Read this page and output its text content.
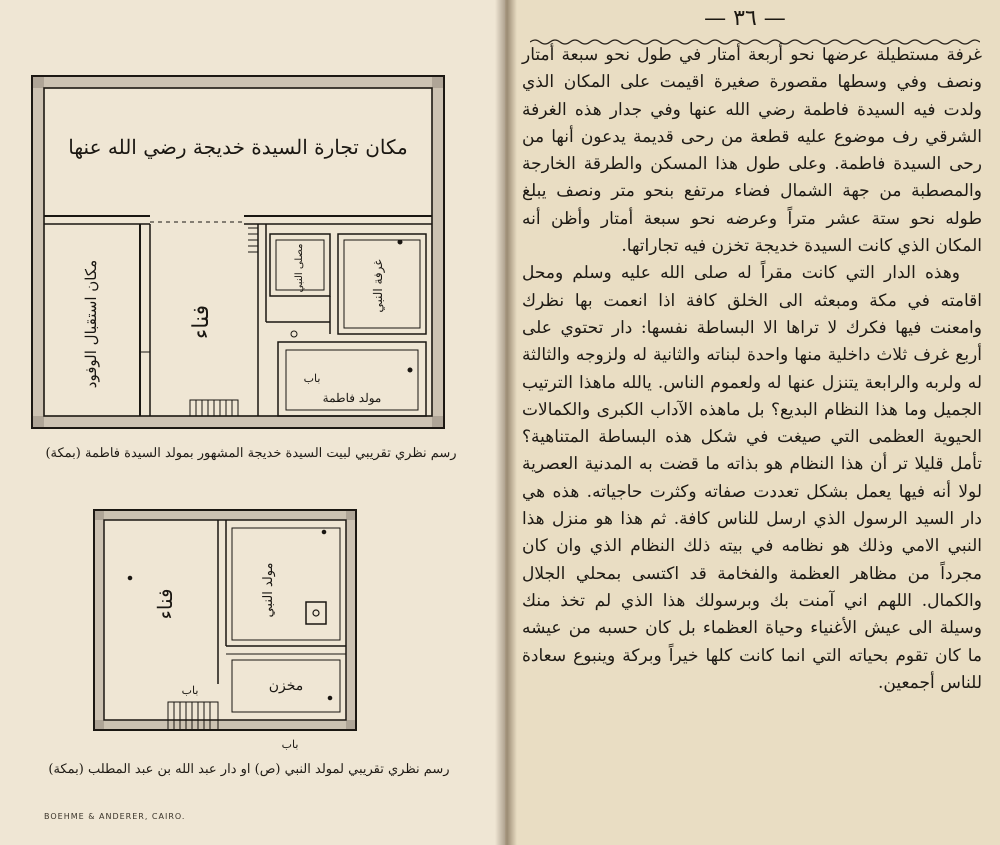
مكان تجارة السيدة خديجة رضي الله عنها
مكان استقبال الوفود	فناء
مصلى النبي	غرفة النبي
باب
مولد فاطمة
رسم نظري تقريبي لبيت السيدة خديجة المشهور بمولد السيدة فاطمة (بمكة)
فناء	مولد النبي
مخزن
باب
باب
رسم نظري تقريبي لمولد النبي (ص) او دار عبد الله بن عبد المطلب (بمكة)
BOEHME & ANDERER, CAIRO.
— ٣٦ —

غرفة مستطيلة عرضها نحو أربعة أمتار في طول نحو سبعة أمتار ونصف وفي وسطها مقصورة صغيرة اقيمت على المكان الذي ولدت فيه السيدة فاطمة رضي الله عنها وفي جدار هذه الغرفة الشرقي رف موضوع عليه قطعة من رحى قديمة يدعون أنها من رحى السيدة فاطمة. وعلى طول هذا المسكن والطرقة الخارجة والمصطبة من جهة الشمال فضاء مرتفع بنحو متر ونصف يبلغ طوله نحو ستة عشر متراً وعرضه نحو سبعة أمتار وأظن أنه المكان الذي كانت السيدة خديجة تخزن فيه تجاراتها.

وهذه الدار التي كانت مقراً له صلى الله عليه وسلم ومحل اقامته في مكة ومبعثه الى الخلق كافة اذا انعمت بها نظرك وامعنت فيها فكرك لا تراها الا البساطة نفسها: دار تحتوي على أربع غرف ثلاث داخلية منها واحدة لبناته والثانية له ولزوجه والثالثة له ولربه والرابعة يتنزل عنها له ولعموم الناس. يالله ماهذا الترتيب الجميل وما هذا النظام البديع؟ بل ماهذه الآداب الكبرى والكمالات الحيوية العظمى التي صيغت في شكل هذه البساطة المتناهية؟ تأمل قليلا تر أن هذا النظام هو بذاته ما قضت به المدنية العصرية لولا أنه فيها يعمل بشكل تعددت صفاته وكثرت حاجياته. هذه هي دار السيد الرسول الذي ارسل للناس كافة. ثم هذا هو منزل هذا النبي الامي وذلك هو نظامه في بيته ذلك النظام الذي وان كان مجرداً من مظاهر العظمة والفخامة قد اكتسى بمحلي الجلال والكمال. اللهم اني آمنت بك وبرسولك هذا الذي لم تخذ منك وسيلة الى عيش الأغنياء وحياة العظماء بل كان حسبه من عيشه ما كان تقوم بحياته التي انما كانت كلها خيراً وبركة وينبوع سعادة للناس أجمعين.
